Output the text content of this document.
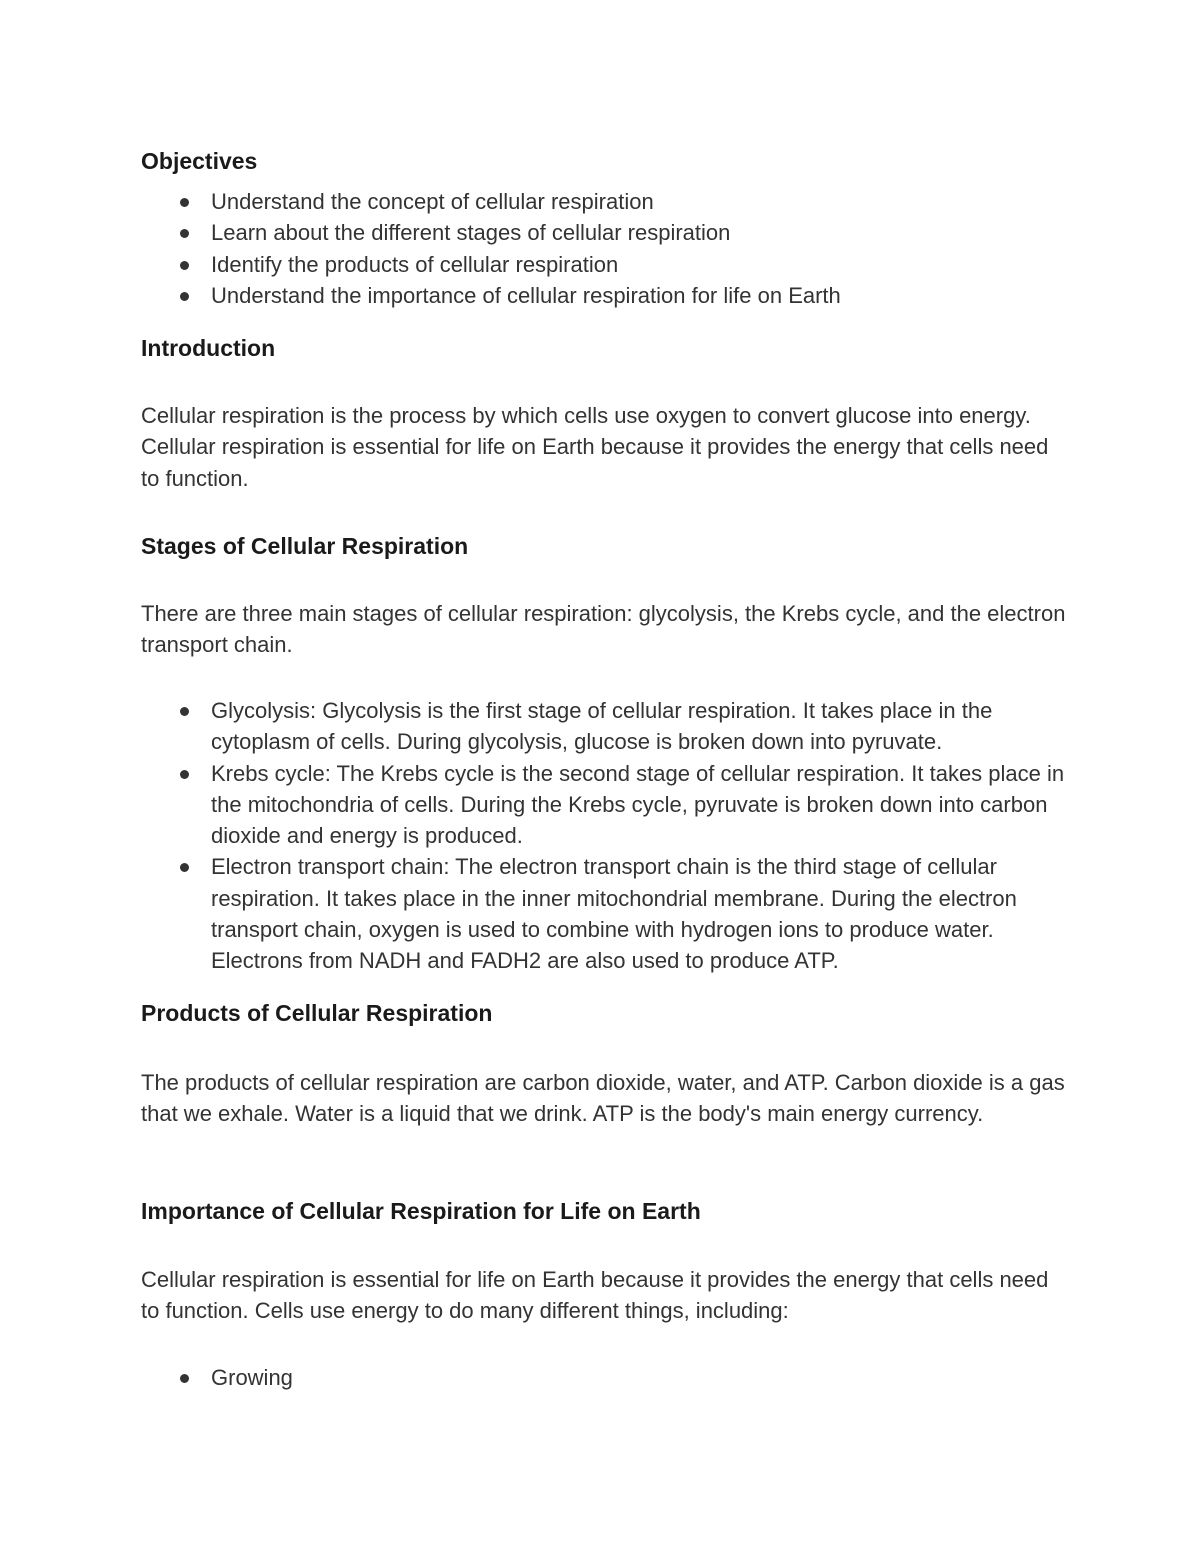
Objectives
Understand the concept of cellular respiration
Learn about the different stages of cellular respiration
Identify the products of cellular respiration
Understand the importance of cellular respiration for life on Earth
Introduction

Cellular respiration is the process by which cells use oxygen to convert glucose into energy. Cellular respiration is essential for life on Earth because it provides the energy that cells need to function.

Stages of Cellular Respiration

There are three main stages of cellular respiration: glycolysis, the Krebs cycle, and the electron transport chain.

Glycolysis: Glycolysis is the first stage of cellular respiration. It takes place in the cytoplasm of cells. During glycolysis, glucose is broken down into pyruvate.
Krebs cycle: The Krebs cycle is the second stage of cellular respiration. It takes place in the mitochondria of cells. During the Krebs cycle, pyruvate is broken down into carbon dioxide and energy is produced.
Electron transport chain: The electron transport chain is the third stage of cellular respiration. It takes place in the inner mitochondrial membrane. During the electron transport chain, oxygen is used to combine with hydrogen ions to produce water. Electrons from NADH and FADH2 are also used to produce ATP.
Products of Cellular Respiration

The products of cellular respiration are carbon dioxide, water, and ATP. Carbon dioxide is a gas that we exhale. Water is a liquid that we drink. ATP is the body's main energy currency.

Importance of Cellular Respiration for Life on Earth

Cellular respiration is essential for life on Earth because it provides the energy that cells need to function. Cells use energy to do many different things, including:

Growing
